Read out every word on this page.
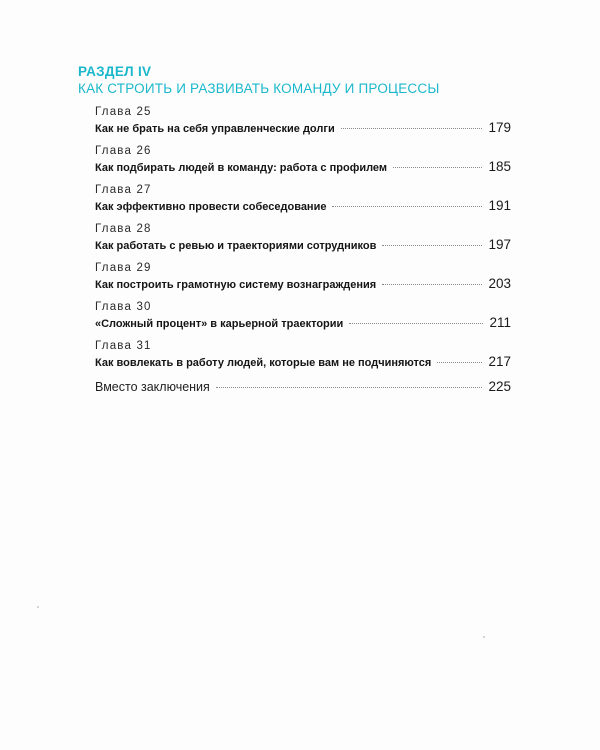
РАЗДЕЛ IV
КАК СТРОИТЬ И РАЗВИВАТЬ КОМАНДУ И ПРОЦЕССЫ
Глава 25
Как не брать на себя управленческие долги	179
Глава 26
Как подбирать людей в команду: работа с профилем	185
Глава 27
Как эффективно провести собеседование	191
Глава 28
Как работать с ревью и траекториями сотрудников	197
Глава 29
Как построить грамотную систему вознаграждения	203
Глава 30
«Сложный процент» в карьерной траектории	211
Глава 31
Как вовлекать в работу людей, которые вам не подчиняются	217
Вместо заключения	225
